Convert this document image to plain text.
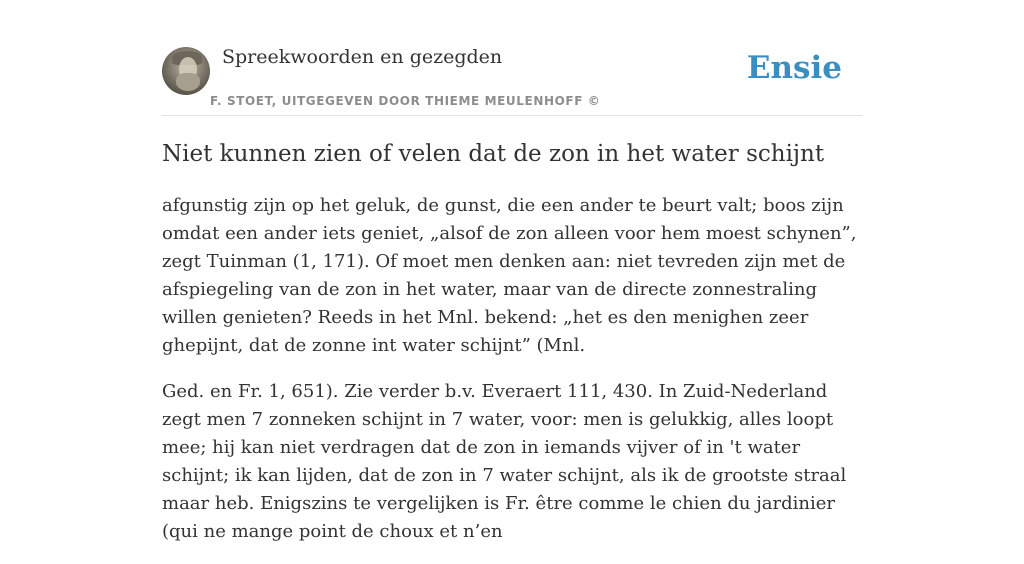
Spreekwoorden en gezegden
F. STOET, UITGEGEVEN DOOR THIEME MEULENHOFF ©
Ensie
Niet kunnen zien of velen dat de zon in het water schijnt

afgunstig zijn op het geluk, de gunst, die een ander te beurt valt; boos zijn omdat een ander iets geniet, „alsof de zon alleen voor hem moest schynen”, zegt Tuinman (1, 171). Of moet men denken aan: niet tevreden zijn met de afspiegeling van de zon in het water, maar van de directe zonnestraling willen genieten? Reeds in het Mnl. bekend: „het es den menighen zeer ghepijnt, dat de zonne int water schijnt” (Mnl.

Ged. en Fr. 1, 651). Zie verder b.v. Everaert 111, 430. In Zuid-Nederland zegt men 7 zonneken schijnt in 7 water, voor: men is gelukkig, alles loopt mee; hij kan niet verdragen dat de zon in iemands vijver of in 't water schijnt; ik kan lijden, dat de zon in 7 water schijnt, als ik de grootste straal maar heb. Enigszins te vergelijken is Fr. être comme le chien du jardinier (qui ne mange point de choux et n’en
